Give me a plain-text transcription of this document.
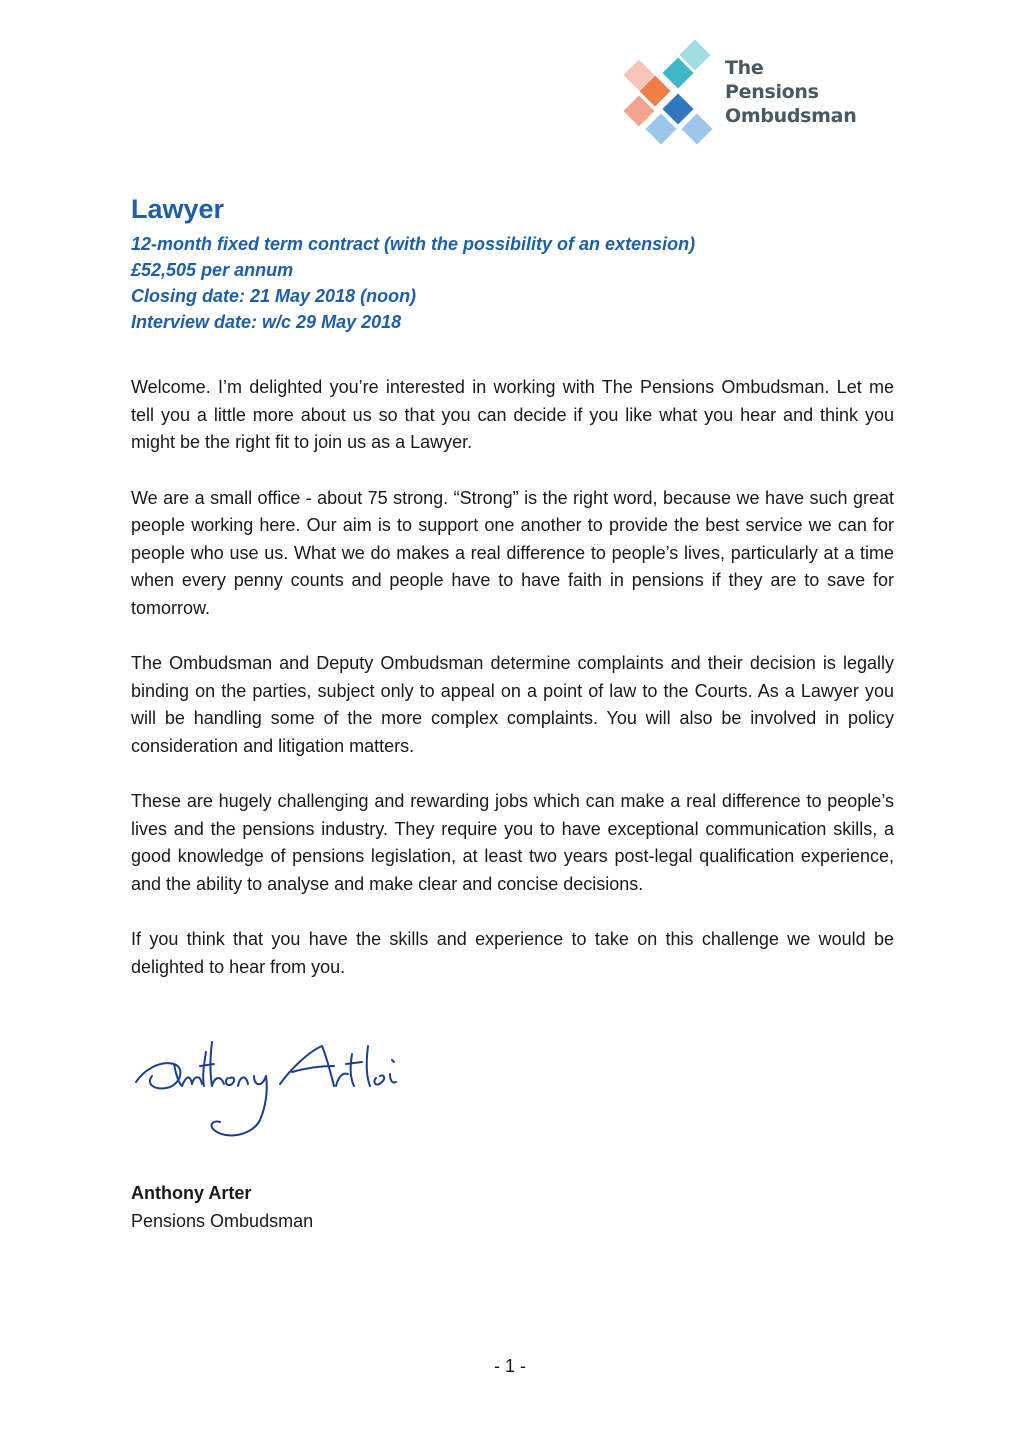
The
Pensions
Ombudsman
Lawyer

12-month fixed term contract (with the possibility of an extension)

£52,505 per annum

Closing date: 21 May 2018 (noon)

Interview date: w/c 29 May 2018

Welcome. I’m delighted you’re interested in working with The Pensions Ombudsman. Let me tell you a little more about us so that you can decide if you like what you hear and think you might be the right fit to join us as a Lawyer.

We are a small office - about 75 strong. “Strong” is the right word, because we have such great people working here. Our aim is to support one another to provide the best service we can for people who use us. What we do makes a real difference to people’s lives, particularly at a time when every penny counts and people have to have faith in pensions if they are to save for tomorrow.

The Ombudsman and Deputy Ombudsman determine complaints and their decision is legally binding on the parties, subject only to appeal on a point of law to the Courts. As a Lawyer you will be handling some of the more complex complaints. You will also be involved in policy consideration and litigation matters.

These are hugely challenging and rewarding jobs which can make a real difference to people’s lives and the pensions industry. They require you to have exceptional communication skills, a good knowledge of pensions legislation, at least two years post-legal qualification experience, and the ability to analyse and make clear and concise decisions.

If you think that you have the skills and experience to take on this challenge we would be delighted to hear from you.

Anthony Arter
Pensions Ombudsman
- 1 -
